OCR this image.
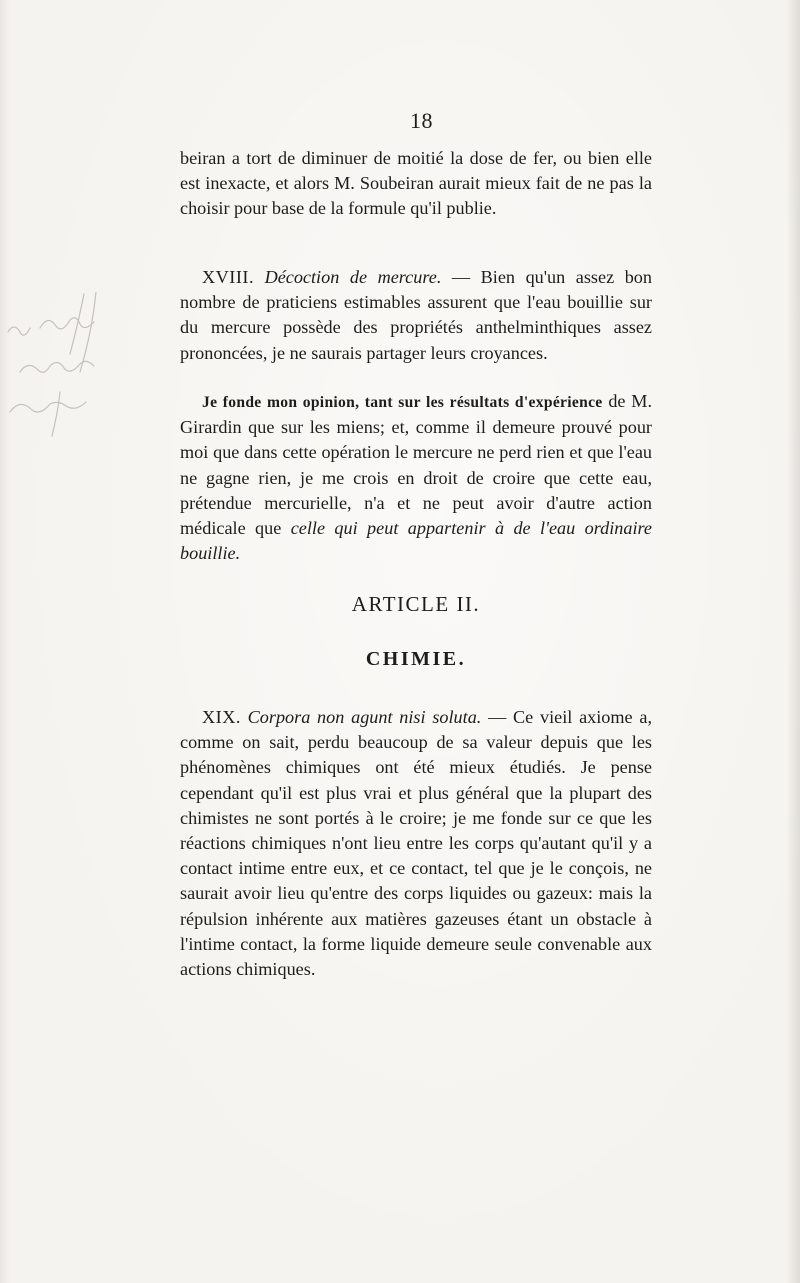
18

beiran a tort de diminuer de moitié la dose de fer, ou bien elle est inexacte, et alors M. Soubeiran aurait mieux fait de ne pas la choisir pour base de la formule qu'il publie.

XVIII. Décoction de mercure. — Bien qu'un assez bon nombre de praticiens estimables assurent que l'eau bouillie sur du mercure possède des propriétés anthelminthiques assez prononcées, je ne saurais partager leurs croyances.

Je fonde mon opinion, tant sur les résultats d'expérience de M. Girardin que sur les miens; et, comme il demeure prouvé pour moi que dans cette opération le mercure ne perd rien et que l'eau ne gagne rien, je me crois en droit de croire que cette eau, prétendue mercurielle, n'a et ne peut avoir d'autre action médicale que celle qui peut appartenir à de l'eau ordinaire bouillie.

ARTICLE II.
CHIMIE.

XIX. Corpora non agunt nisi soluta. — Ce vieil axiome a, comme on sait, perdu beaucoup de sa valeur depuis que les phénomènes chimiques ont été mieux étudiés. Je pense cependant qu'il est plus vrai et plus général que la plupart des chimistes ne sont portés à le croire; je me fonde sur ce que les réactions chimiques n'ont lieu entre les corps qu'autant qu'il y a contact intime entre eux, et ce contact, tel que je le conçois, ne saurait avoir lieu qu'entre des corps liquides ou gazeux: mais la répulsion inhérente aux matières gazeuses étant un obstacle à l'intime contact, la forme liquide demeure seule convenable aux actions chimiques.
